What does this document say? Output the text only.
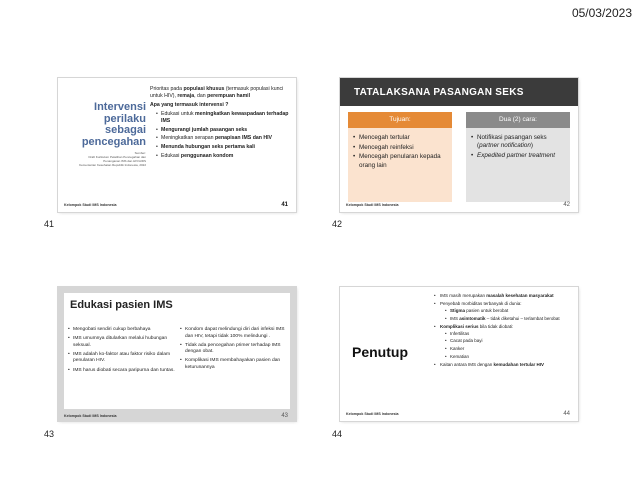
05/03/2023
Intervensi
perilaku
sebagai
pencegahan
Sumber:
Draft Kurikulum Pelatihan Pencegahan dan
Penanganan IMS dan HIV/AIDS
Kementerian Kesehatan Republik Indonesia, 2022

Prioritas pada populasi khusus (termasuk populasi kunci untuk HIV), remaja, dan perempuan hamil

Apa yang termasuk intervensi ?

• Edukasi untuk meningkatkan kewaspadaan terhadap IMS
• Mengurangi jumlah pasangan seks
• Meningkatkan serapan penapisan IMS dan HIV
• Menunda hubungan seks pertama kali
• Edukasi penggunaan kondom
Kelompok Studi IMS Indonesia	41
41
TATALAKSANA PASANGAN SEKS
Tujuan:
• Mencegah tertular
• Mencegah reinfeksi
• Mencegah penularan kepada orang lain
Dua (2) cara:
• Notifikasi pasangan seks (partner notification)
• Expedited partner treatment
Kelompok Studi IMS Indonesia	42
42
Edukasi pasien IMS
• Mengobati sendiri cukup berbahaya
• IMS umumnya ditularkan melalui hubungan seksual.
• IMS adalah ko-faktor atau faktor risiko dalam penularan HIV.
• IMS harus diobati secara paripurna dan tuntas.
• Kondom dapat melindungi diri dari infeksi IMS dan HIV, tetapi tidak 100% melindungi .
• Tidak ada pencegahan primer terhadap IMS dengan obat.
• Komplikasi IMS membahayakan pasien dan keturunannya
Kelompok Studi IMS Indonesia	43
43
Penutup
• IMS masih merupakan masalah kesehatan masyarakat
• Penyebab morbiditas terbanyak di dunia:
• Stigma pasien untuk berobat
• IMS asimtomatik – tidak diketahui – terlambat berobat
• Komplikasi serius bila tidak diobati:
• Infertilitas
• Cacat pada bayi
• Kanker
• Kematian
• Kaitan antara IMS dengan kemudahan tertular HIV
Kelompok Studi IMS Indonesia	44
44
